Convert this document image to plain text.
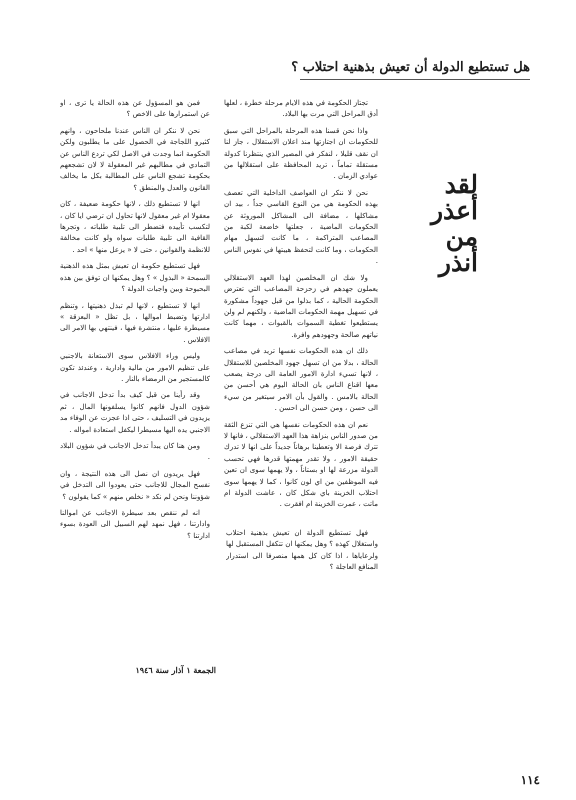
هل تستطيع الدولة أن تعيش بذهنية احتلاب ؟
لقد
أعذر
من
أنذر

تجتاز الحكومة في هذه الايام مرحلة خطرة ، لعلها أدق المراحل التي مرت بها البلاد.

واذا نحن قسنا هذه المرحلة بالمراحل التي سبق للحكومات ان اجتازتها منذ اعلان الاستقلال ، جاز لنا ان نقف قليلا ، لنفكر في المصير الذي ينتظرنا كدولة مستقلة تماماً ، تريد المحافظة على استقلالها من عوادي الزمان .

نحن لا ننكر ان العواصف الداخلية التي تعصف بهذه الحكومة هي من النوع القاسي جداً ، بيد ان مشاكلها ، مضافة الى المشاكل الموروثة عن الحكومات الماضية ، جعلتها خاضعة لكبة من المصاعب المتراكمة ، ما كانت لتسهل مهام الحكومات ، وما كانت لتحفظ هيبتها في نفوس الناس .

ولا شك ان المخلصين لهذا العهد الاستقلالي يعملون جهدهم في زحزحة المصاعب التي تعترض الحكومة الحالية ، كما بذلوا من قبل جهوداً مشكورة في تسهيل مهمة الحكومات الماضية ، ولكنهم لم ولن يستطيعوا تغطية السموات بالقبوات ، مهما كانت نياتهم صالحة وجهودهم وافرة.

ذلك ان هذه الحكومات نفسها تريد في مصاعب الحالة ، بدلا من ان تسهل جهود المخلصين للاستقلال ، لانها تسيء ادارة الامور العامة الى درجة يصعب معها اقناع الناس بان الحالة اليوم هي أحسن من الحالة بالامس . والقول بأن الامر سيتغير من سيء الى حسن ، ومن حسن الى احسن .

نعم ان هذه الحكومات نفسها هي التي تنزع الثقة من صدور الناس بنزاهة هذا العهد الاستقلالي ، فانها لا تترك فرصة الا وتعطينا برهاناً جديداً على انها لا تدرك حقيقة الامور ، ولا تقدر مهمتها قدرها فهي تحسب الدولة مزرعة لها او بستاناً ، ولا يهمها سوى ان تعين فيه الموظفين من اي لون كانوا ، كما لا يهمها سوى احتلاب الخزينة باي شكل كان ، عاشت الدولة ام ماتت ، عمرت الخزينة ام افقرت .

فهل تستطيع الدولة ان تعيش بذهنية احتلاب واستغلال كهذه ؟ وهل يمكنها ان تتكفل المستقبل لها ولرعاياها ، اذا كان كل همها منصرفا الى استدرار المنافع العاجلة ؟

فمن هو المسؤول عن هذه الحالة يا ترى ، او عن استمرارها على الاخص ؟

نحن لا ننكر ان الناس عندنا ملحاحون ، وانهم كثيرو اللجاجة في الحصول على ما يطلبون ولكن الحكومة انما وجدت في الاصل لكي تردع الناس عن التمادي في مطالبهم غير المعقولة لا لان تشجعهم بحكومة تشجع الناس على المطالبة بكل ما يخالف القانون والعدل والمنطق ؟

انها لا تستطيع ذلك ، لانها حكومة ضعيفة ، كان معقولا ام غير معقول لانها تحاول ان ترضي ايا كان ، لتكسب تأييده فتضطر الى تلبية طلباته ، وتجرها القافية الى تلبية طلبات سواه ولو كانت مخالفة للانظمة والقوانين ، حتى لا « يزعل منها » احد .

فهل تستطيع حكومة ان تعيش بمثل هذه الذهنية السمحة « البذول » ؟ وهل يمكنها ان توفق بين هذه البحبوحة وبين واجبات الدولة ؟

انها لا تستطيع ، لانها لم تبذل ذهنيتها ، وتنظم ادارتها وتضبط اموالها ، بل تظل « البعزقة » مسيطرة عليها ، منتشرة فيها ، فينتهي بها الامر الى الافلاس .

وليس وراء الافلاس سوى الاستعانة بالاجنبي على تنظيم الامور من مالية وادارية ، وعندئذ تكون كالمستجير من الرمضاء بالنار .

وقد رأينا من قبل كيف بدأ تدخل الاجانب في شؤون الدول فانهم كانوا يسلفونها المال ، ثم يزيدون في التسليف ، حتى اذا عجزت عن الوفاء مد الاجنبي يده اليها مسيطرا ليكفل استعادة امواله .

ومن هنا كان يبدأ تدخل الاجانب في شؤون البلاد .

فهل يريدون ان نصل الى هذه النتيجة ، وان نفسح المجال للاجانب حتى يعودوا الى التدخل في شؤوننا ونحن لم نكد « نخلص منهم » كما يقولون ؟

انه لم ننقص بعد سيطرة الاجانب عن اموالنا وادارتنا ، فهل نمهد لهم السبيل الى العودة بسوء ادارتنا ؟

الجمعة ١ آذار سنة ١٩٤٦
١١٤
